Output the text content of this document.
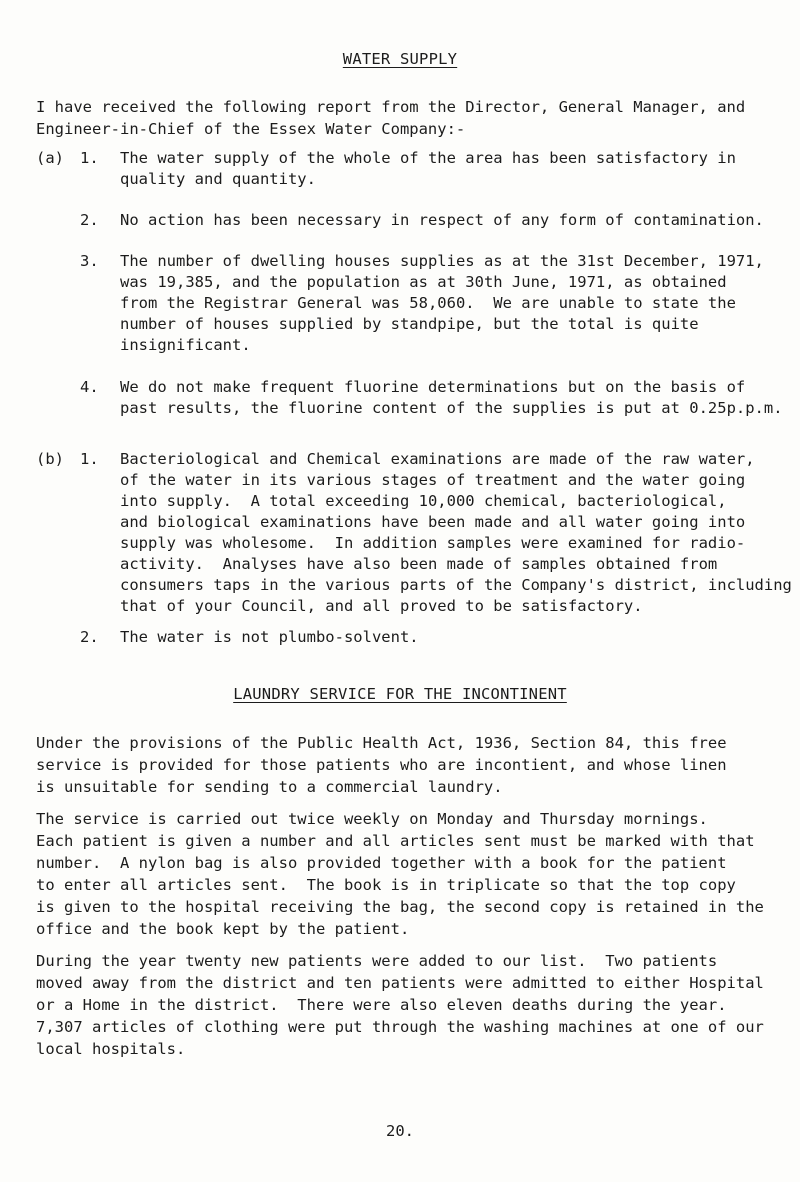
WATER SUPPLY

I have received the following report from the Director, General Manager, and
Engineer-in-Chief of the Essex Water Company:-

(a) 1. The water supply of the whole of the area has been satisfactory in
quality and quantity.
2. No action has been necessary in respect of any form of contamination.
3. The number of dwelling houses supplies as at the 31st December, 1971,
was 19,385, and the population as at 30th June, 1971, as obtained
from the Registrar General was 58,060.  We are unable to state the
number of houses supplied by standpipe, but the total is quite
insignificant.
4. We do not make frequent fluorine determinations but on the basis of
past results, the fluorine content of the supplies is put at 0.25p.p.m.
(b) 1. Bacteriological and Chemical examinations are made of the raw water,
of the water in its various stages of treatment and the water going
into supply.  A total exceeding 10,000 chemical, bacteriological,
and biological examinations have been made and all water going into
supply was wholesome.  In addition samples were examined for radio-
activity.  Analyses have also been made of samples obtained from
consumers taps in the various parts of the Company's district, including
that of your Council, and all proved to be satisfactory.
2. The water is not plumbo-solvent.
LAUNDRY SERVICE FOR THE INCONTINENT

Under the provisions of the Public Health Act, 1936, Section 84, this free
service is provided for those patients who are incontient, and whose linen
is unsuitable for sending to a commercial laundry.

The service is carried out twice weekly on Monday and Thursday mornings.
Each patient is given a number and all articles sent must be marked with that
number.  A nylon bag is also provided together with a book for the patient
to enter all articles sent.  The book is in triplicate so that the top copy
is given to the hospital receiving the bag, the second copy is retained in the
office and the book kept by the patient.

During the year twenty new patients were added to our list.  Two patients
moved away from the district and ten patients were admitted to either Hospital
or a Home in the district.  There were also eleven deaths during the year.
7,307 articles of clothing were put through the washing machines at one of our
local hospitals.

20.
